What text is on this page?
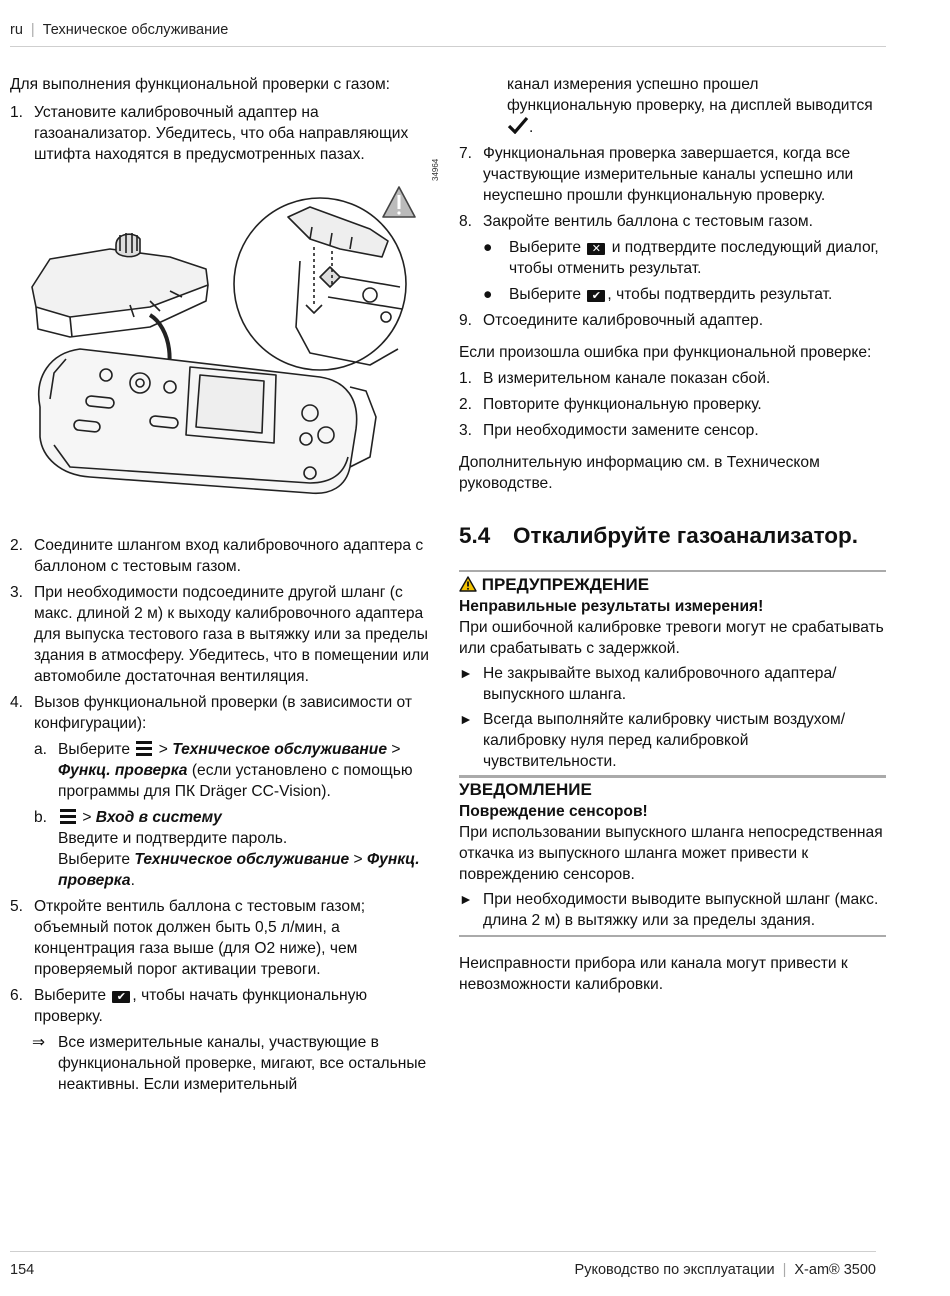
ru | Техническое обслуживание

Для выполнения функциональной проверки с газом:

1. Установите калибровочный адаптер на газоанализатор. Убедитесь, что оба направляющих штифта находятся в предусмотренных пазах.
34964
2. Соедините шлангом вход калибровочного адаптера с баллоном с тестовым газом.
3. При необходимости подсоедините другой шланг (с макс. длиной 2 м) к выходу калибровочного адаптера для выпуска тестового газа в вытяжку или за пределы здания в атмосферу. Убедитесь, что в помещении или автомобиле достаточная вентиляция.
4. Вызов функциональной проверки (в зависимости от конфигурации):
a. Выберите > Техническое обслуживание > Функц. проверка (если установлено с помощью программы для ПК Dräger CC-Vision).
b. > Вход в систему
Введите и подтвердите пароль.
Выберите Техническое обслуживание > Функц. проверка.
5. Откройте вентиль баллона с тестовым газом; объемный поток должен быть 0,5 л/мин, а концентрация газа выше (для O2 ниже), чем проверяемый порог активации тревоги.
6. Выберите ✔ , чтобы начать функциональную проверку.
⇒ Все измерительные каналы, участвующие в функциональной проверке, мигают, все остальные неактивны. Если измерительный
канал измерения успешно прошел функциональную проверку, на дисплей выводится .
7. Функциональная проверка завершается, когда все участвующие измерительные каналы успешно или неуспешно прошли функциональную проверку.
8. Закройте вентиль баллона с тестовым газом.
● Выберите ✕ и подтвердите последующий диалог, чтобы отменить результат.
● Выберите ✔ , чтобы подтвердить результат.
9. Отсоедините калибровочный адаптер.

Если произошла ошибка при функциональной проверке:

1. В измерительном канале показан сбой.
2. Повторите функциональную проверку.
3. При необходимости замените сенсор.

Дополнительную информацию см. в Техническом руководстве.

5.4 Откалибруйте газоанализатор.
ПРЕДУПРЕЖДЕНИЕ

Неправильные результаты измерения!

При ошибочной калибровке тревоги могут не срабатывать или срабатывать с задержкой.

► Не закрывайте выход калибровочного адаптера/выпускного шланга.
► Всегда выполняйте калибровку чистым воздухом/калибровку нуля перед калибровкой чувствительности.
УВЕДОМЛЕНИЕ

Повреждение сенсоров!

При использовании выпускного шланга непосредственная откачка из выпускного шланга может привести к повреждению сенсоров.

► При необходимости выводите выпускной шланг (макс. длина 2 м) в вытяжку или за пределы здания.

Неисправности прибора или канала могут привести к невозможности калибровки.

154	Руководство по эксплуатации | X-am® 3500
